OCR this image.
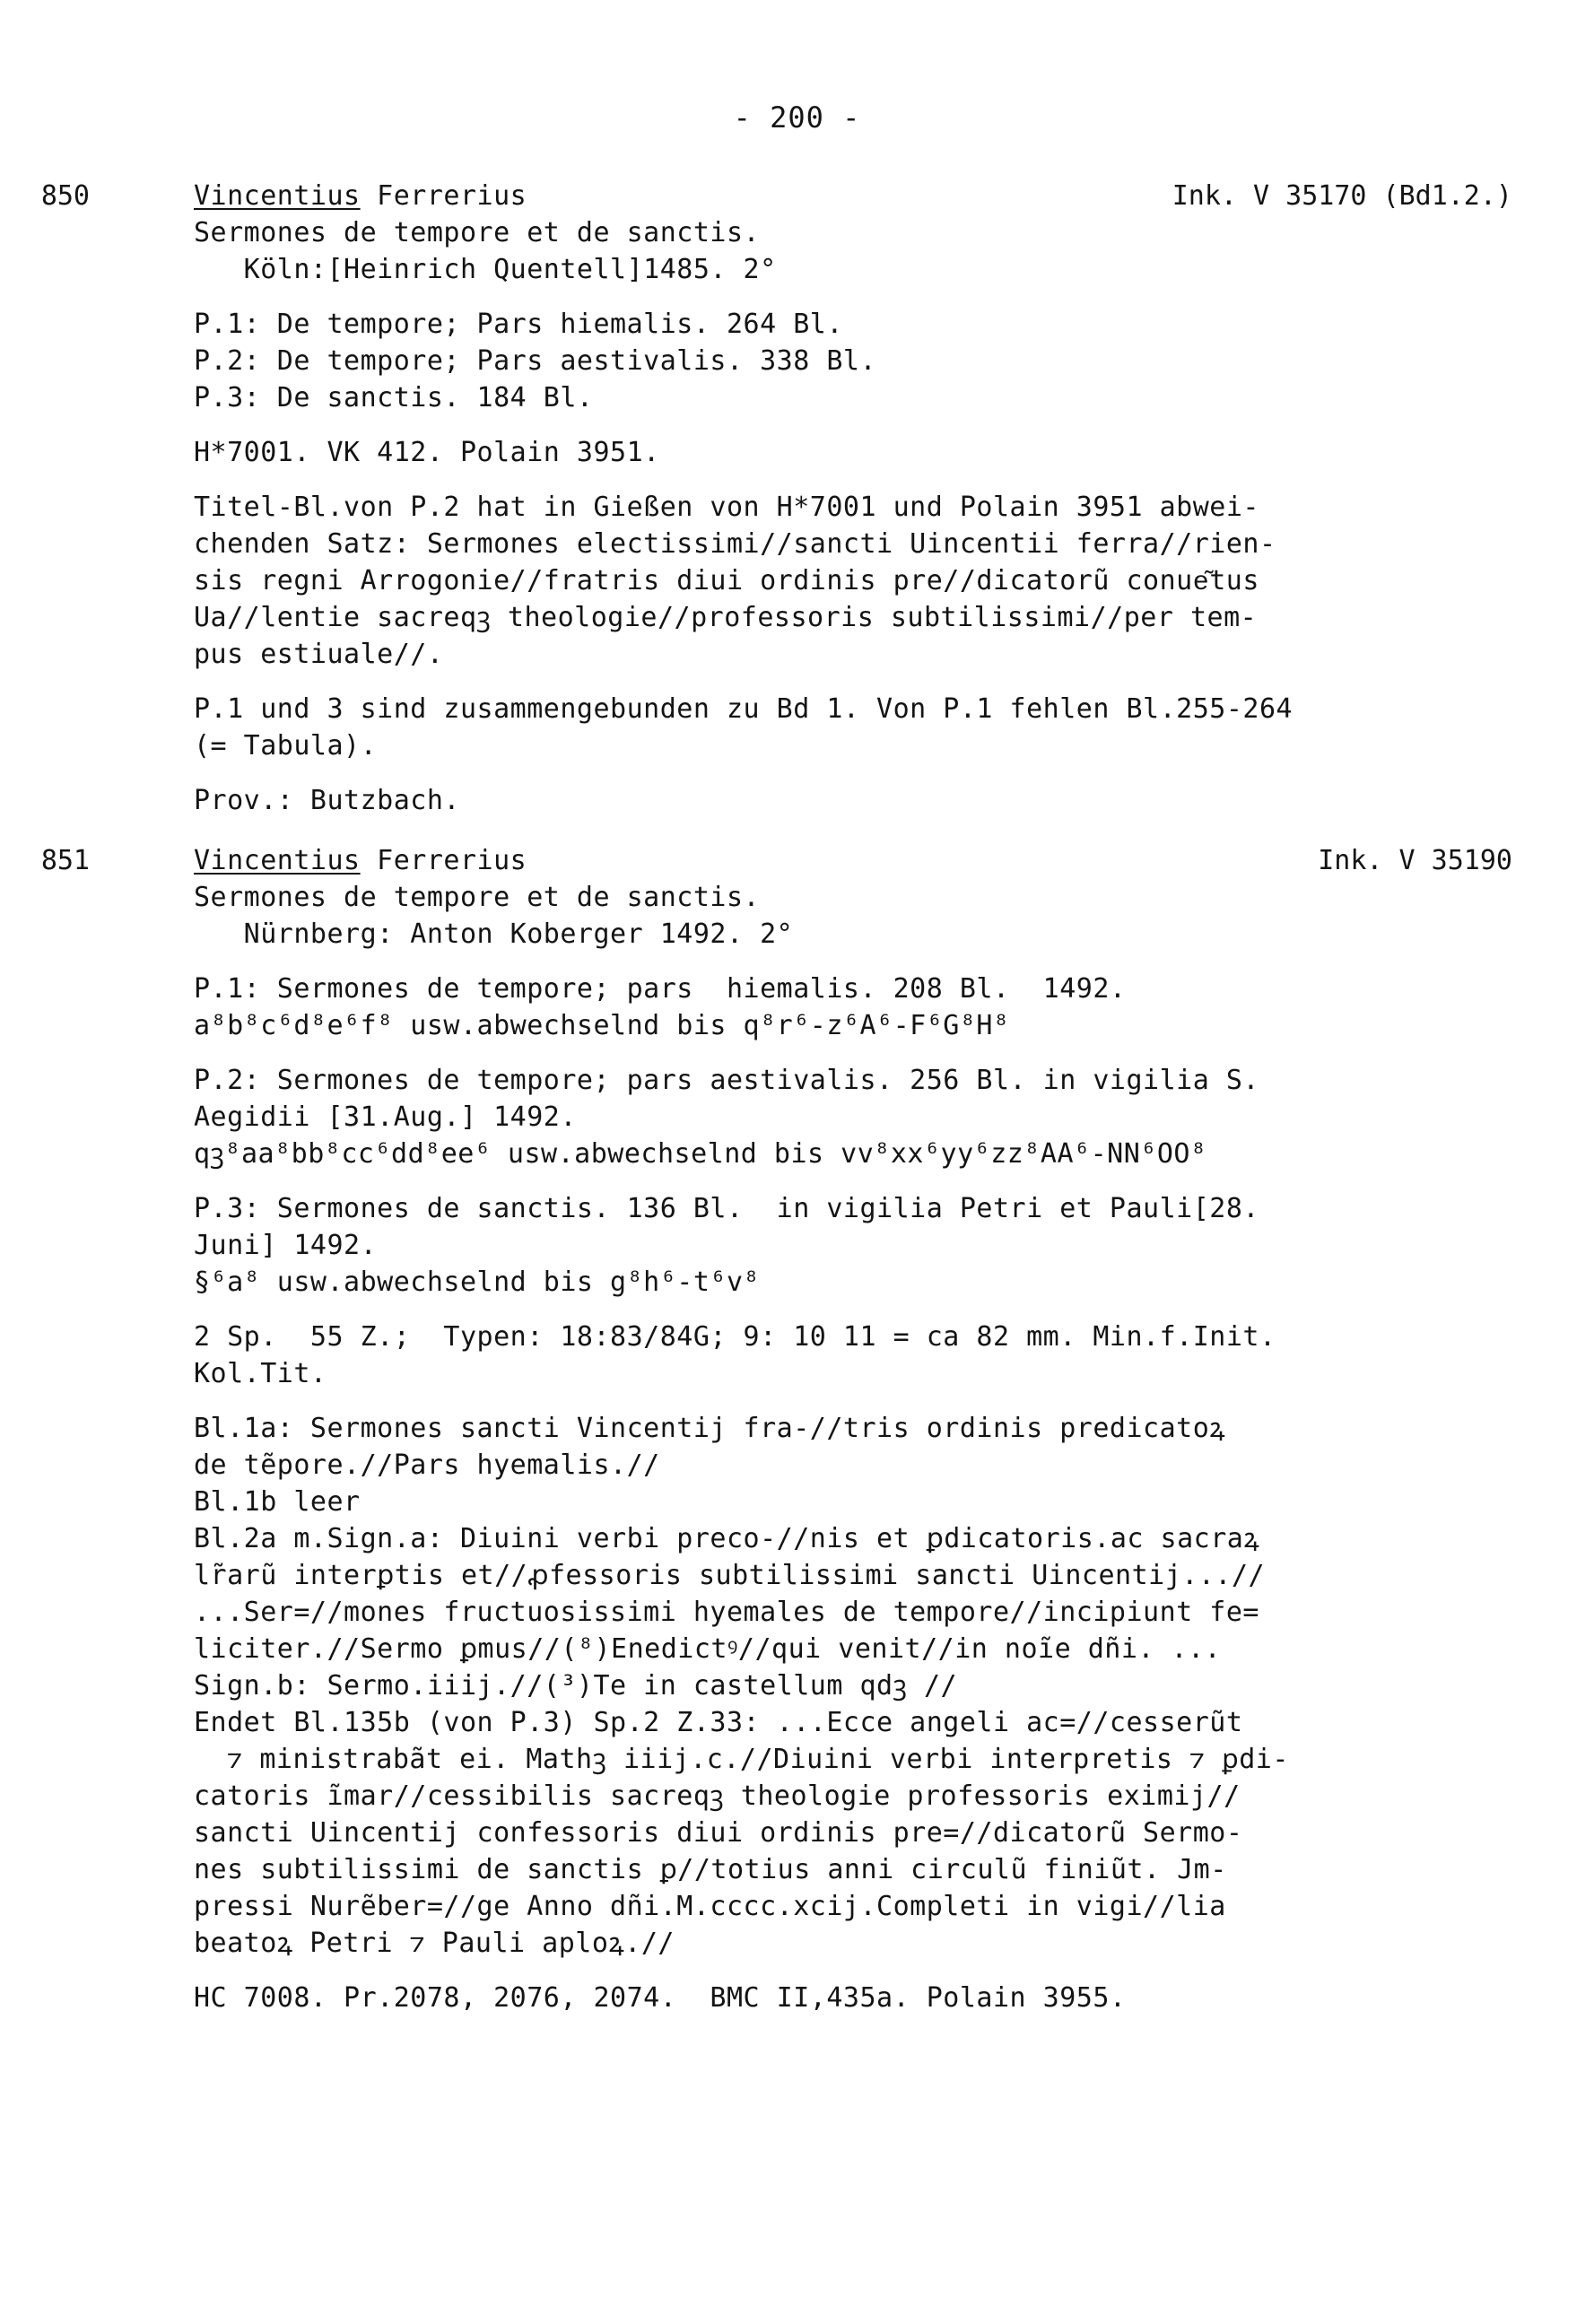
- 200 -
850	Vincentius Ferrerius	Ink. V 35170 (Bd1.2.)
Sermones de tempore et de sanctis.
Köln:[Heinrich Quentell]1485. 2°
P.1: De tempore; Pars hiemalis. 264 Bl.
P.2: De tempore; Pars aestivalis. 338 Bl.
P.3: De sanctis. 184 Bl.
H*7001. VK 412. Polain 3951.
Titel-Bl.von P.2 hat in Gießen von H*7001 und Polain 3951 abwei-
chenden Satz: Sermones electissimi//sancti Uincentii ferra//rien-
sis regni Arrogonie//fratris diui ordinis pre//dicatorũ conue͂tus
Ua//lentie sacreqꝫ theologie//professoris subtilissimi//per tem-
pus estiuale//.
P.1 und 3 sind zusammengebunden zu Bd 1. Von P.1 fehlen Bl.255-264
(= Tabula).
Prov.: Butzbach.
851	Vincentius Ferrerius	Ink. V 35190
Sermones de tempore et de sanctis.
Nürnberg: Anton Koberger 1492. 2°
P.1: Sermones de tempore; pars  hiemalis. 208 Bl.  1492.
a⁸b⁸c⁶d⁸e⁶f⁸ usw.abwechselnd bis q⁸r⁶-z⁶A⁶-F⁶G⁸H⁸
P.2: Sermones de tempore; pars aestivalis. 256 Bl. in vigilia S.
Aegidii [31.Aug.] 1492.
qꝫ⁸aa⁸bb⁸cc⁶dd⁸ee⁶ usw.abwechselnd bis vv⁸xx⁶yy⁶zz⁸AA⁶-NN⁶OO⁸
P.3: Sermones de sanctis. 136 Bl.  in vigilia Petri et Pauli[28.
Juni] 1492.
§⁶a⁸ usw.abwechselnd bis g⁸h⁶-t⁶v⁸
2 Sp.  55 Z.;  Typen: 18:83/84G; 9: 10 11 = ca 82 mm. Min.f.Init.
Kol.Tit.
Bl.1a: Sermones sancti Vincentij fra-//tris ordinis predicatoꝝ
de tẽpore.//Pars hyemalis.//
Bl.1b leer
Bl.2a m.Sign.a: Diuini verbi preco-//nis et ꝑdicatoris.ac sacraꝝ
lr̃arũ interꝑtis et//ꝓfessoris subtilissimi sancti Uincentij...//
...Ser=//mones fructuosissimi hyemales de tempore//incipiunt fe=
liciter.//Sermo ꝑmus//(⁸)Enedictꝰ//qui venit//in noĩe dñi. ...
Sign.b: Sermo.iiij.//(³)Te in castellum qdꝫ //
Endet Bl.135b (von P.3) Sp.2 Z.33: ...Ecce angeli ac=//cesserũt
⁊ ministrabãt ei. Mathꝫ iiij.c.//Diuini verbi interpretis ⁊ ꝑdi-
catoris ĩmar//cessibilis sacreqꝫ theologie professoris eximij//
sancti Uincentij confessoris diui ordinis pre=//dicatorũ Sermo-
nes subtilissimi de sanctis ꝑ//totius anni circulũ finiũt. Jm-
pressi Nurẽber=//ge Anno dñi.M.cccc.xcij.Completi in vigi//lia
beatoꝝ Petri ⁊ Pauli aploꝝ.//
HC 7008. Pr.2078, 2076, 2074.  BMC II,435a. Polain 3955.
